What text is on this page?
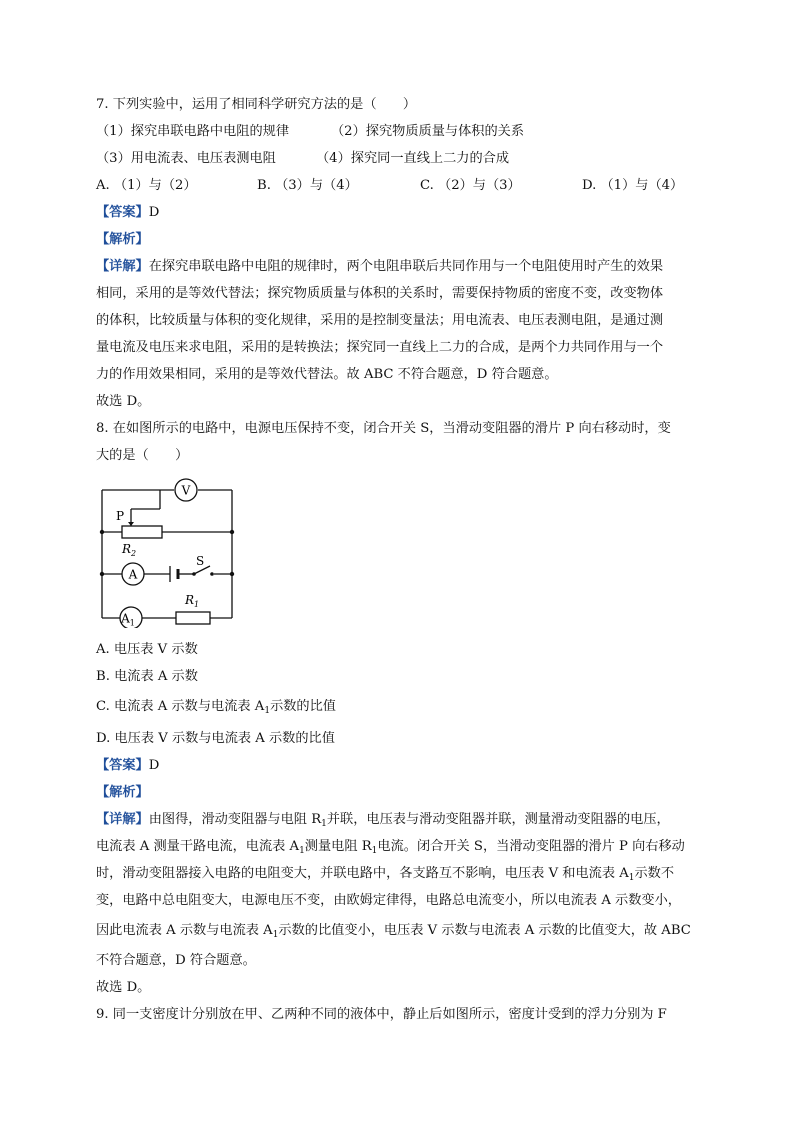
7. 下列实验中，运用了相同科学研究方法的是（　　）
（1）探究串联电路中电阻的规律	（2）探究物质质量与体积的关系
（3）用电流表、电压表测电阻	（4）探究同一直线上二力的合成
A. （1）与（2）	B. （3）与（4）	C. （2）与（3）	D. （1）与（4）
【答案】D
【解析】
【详解】在探究串联电路中电阻的规律时，两个电阻串联后共同作用与一个电阻使用时产生的效果
相同，采用的是等效代替法；探究物质质量与体积的关系时，需要保持物质的密度不变，改变物体
的体积，比较质量与体积的变化规律，采用的是控制变量法；用电流表、电压表测电阻，是通过测
量电流及电压来求电阻，采用的是转换法；探究同一直线上二力的合成，是两个力共同作用与一个
力的作用效果相同，采用的是等效代替法。故 ABC 不符合题意，D 符合题意。
故选 D。
8. 在如图所示的电路中，电源电压保持不变，闭合开关 S，当滑动变阻器的滑片 P 向右移动时，变
大的是（　　）
V
P
$R_2$
A
S
$A_1$
$R_1$
A. 电压表 V 示数
B. 电流表 A 示数
C. 电流表 A 示数与电流表 $A_1$示数的比值
D. 电压表 V 示数与电流表 A 示数的比值
【答案】D
【解析】
【详解】由图得，滑动变阻器与电阻 $R_1$并联，电压表与滑动变阻器并联，测量滑动变阻器的电压，
电流表 A 测量干路电流，电流表 $A_1$测量电阻 $R_1$电流。闭合开关 S，当滑动变阻器的滑片 P 向右移动
时，滑动变阻器接入电路的电阻变大，并联电路中，各支路互不影响，电压表 V 和电流表 $A_1$示数不
变，电路中总电阻变大，电源电压不变，由欧姆定律得，电路总电流变小，所以电流表 A 示数变小，
因此电流表 A 示数与电流表 $A_1$示数的比值变小，电压表 V 示数与电流表 A 示数的比值变大，故 ABC
不符合题意，D 符合题意。
故选 D。
9. 同一支密度计分别放在甲、乙两种不同的液体中，静止后如图所示，密度计受到的浮力分别为 F
